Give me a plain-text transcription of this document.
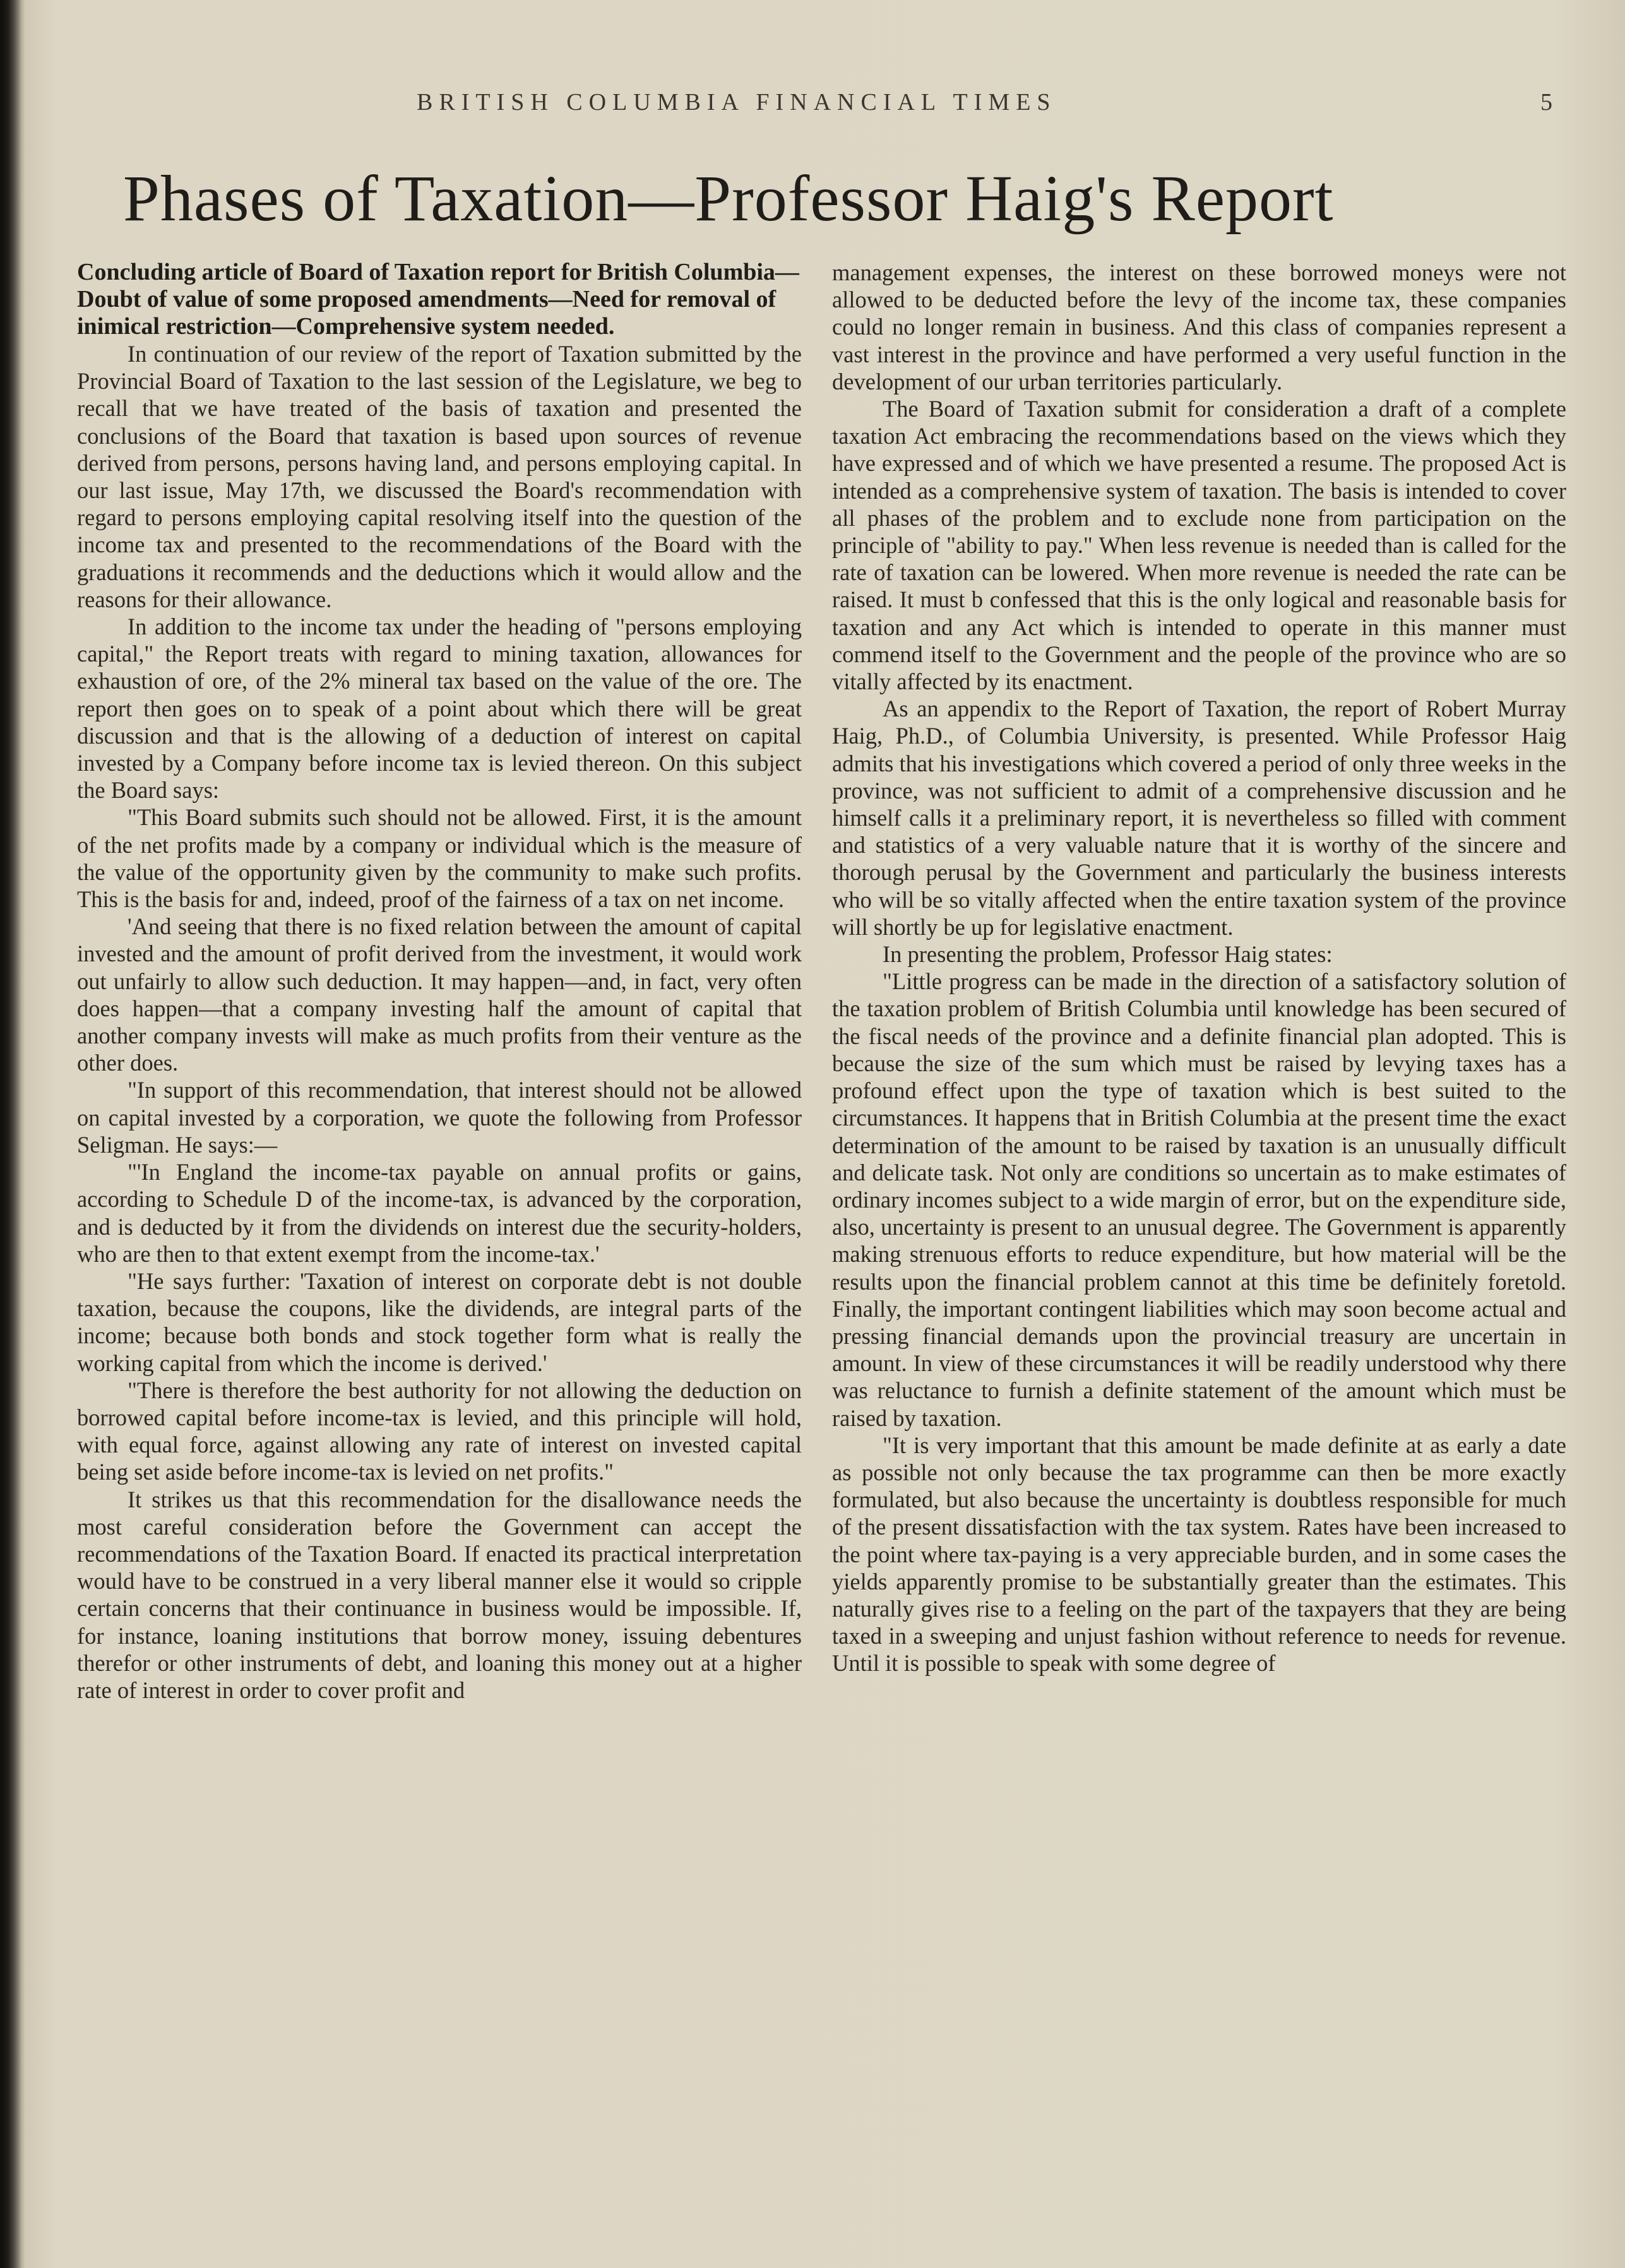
BRITISH COLUMBIA FINANCIAL TIMES	5
Phases of Taxation—Professor Haig's Report

Concluding article of Board of Taxation report for British Columbia—Doubt of value of some proposed amendments—Need for removal of inimical restriction—Comprehensive system needed.

In continuation of our review of the report of Taxation submitted by the Provincial Board of Taxation to the last session of the Legislature, we beg to recall that we have treated of the basis of taxation and presented the conclusions of the Board that taxation is based upon sources of revenue derived from persons, persons having land, and persons employing capital. In our last issue, May 17th, we discussed the Board's recommendation with regard to persons employing capital resolving itself into the question of the income tax and presented to the recommendations of the Board with the graduations it recommends and the deductions which it would allow and the reasons for their allowance.

In addition to the income tax under the heading of "persons employing capital," the Report treats with regard to mining taxation, allowances for exhaustion of ore, of the 2% mineral tax based on the value of the ore. The report then goes on to speak of a point about which there will be great discussion and that is the allowing of a deduction of interest on capital invested by a Company before income tax is levied thereon. On this subject the Board says:

"This Board submits such should not be allowed. First, it is the amount of the net profits made by a company or individual which is the measure of the value of the opportunity given by the community to make such profits. This is the basis for and, indeed, proof of the fairness of a tax on net income.

'And seeing that there is no fixed relation between the amount of capital invested and the amount of profit derived from the investment, it would work out unfairly to allow such deduction. It may happen—and, in fact, very often does happen—that a company investing half the amount of capital that another company invests will make as much profits from their venture as the other does.

"In support of this recommendation, that interest should not be allowed on capital invested by a corporation, we quote the following from Professor Seligman. He says:—

"'In England the income-tax payable on annual profits or gains, according to Schedule D of the income-tax, is advanced by the corporation, and is deducted by it from the dividends on interest due the security-holders, who are then to that extent exempt from the income-tax.'

"He says further: 'Taxation of interest on corporate debt is not double taxation, because the coupons, like the dividends, are integral parts of the income; because both bonds and stock together form what is really the working capital from which the income is derived.'

"There is therefore the best authority for not allowing the deduction on borrowed capital before income-tax is levied, and this principle will hold, with equal force, against allowing any rate of interest on invested capital being set aside before income-tax is levied on net profits."

It strikes us that this recommendation for the disallowance needs the most careful consideration before the Government can accept the recommendations of the Taxation Board. If enacted its practical interpretation would have to be construed in a very liberal manner else it would so cripple certain concerns that their continuance in business would be impossible. If, for instance, loaning institutions that borrow money, issuing debentures therefor or other instruments of debt, and loaning this money out at a higher rate of interest in order to cover profit and

management expenses, the interest on these borrowed moneys were not allowed to be deducted before the levy of the income tax, these companies could no longer remain in business. And this class of companies represent a vast interest in the province and have performed a very useful function in the development of our urban territories particularly.

The Board of Taxation submit for consideration a draft of a complete taxation Act embracing the recommendations based on the views which they have expressed and of which we have presented a resume. The proposed Act is intended as a comprehensive system of taxation. The basis is intended to cover all phases of the problem and to exclude none from participation on the principle of "ability to pay." When less revenue is needed than is called for the rate of taxation can be lowered. When more revenue is needed the rate can be raised. It must b confessed that this is the only logical and reasonable basis for taxation and any Act which is intended to operate in this manner must commend itself to the Government and the people of the province who are so vitally affected by its enactment.

As an appendix to the Report of Taxation, the report of Robert Murray Haig, Ph.D., of Columbia University, is presented. While Professor Haig admits that his investigations which covered a period of only three weeks in the province, was not sufficient to admit of a comprehensive discussion and he himself calls it a preliminary report, it is nevertheless so filled with comment and statistics of a very valuable nature that it is worthy of the sincere and thorough perusal by the Government and particularly the business interests who will be so vitally affected when the entire taxation system of the province will shortly be up for legislative enactment.

In presenting the problem, Professor Haig states:

"Little progress can be made in the direction of a satisfactory solution of the taxation problem of British Columbia until knowledge has been secured of the fiscal needs of the province and a definite financial plan adopted. This is because the size of the sum which must be raised by levying taxes has a profound effect upon the type of taxation which is best suited to the circumstances. It happens that in British Columbia at the present time the exact determination of the amount to be raised by taxation is an unusually difficult and delicate task. Not only are conditions so uncertain as to make estimates of ordinary incomes subject to a wide margin of error, but on the expenditure side, also, uncertainty is present to an unusual degree. The Government is apparently making strenuous efforts to reduce expenditure, but how material will be the results upon the financial problem cannot at this time be definitely foretold. Finally, the important contingent liabilities which may soon become actual and pressing financial demands upon the provincial treasury are uncertain in amount. In view of these circumstances it will be readily understood why there was reluctance to furnish a definite statement of the amount which must be raised by taxation.

"It is very important that this amount be made definite at as early a date as possible not only because the tax programme can then be more exactly formulated, but also because the uncertainty is doubtless responsible for much of the present dissatisfaction with the tax system. Rates have been increased to the point where tax-paying is a very appreciable burden, and in some cases the yields apparently promise to be substantially greater than the estimates. This naturally gives rise to a feeling on the part of the taxpayers that they are being taxed in a sweeping and unjust fashion without reference to needs for revenue. Until it is possible to speak with some degree of
